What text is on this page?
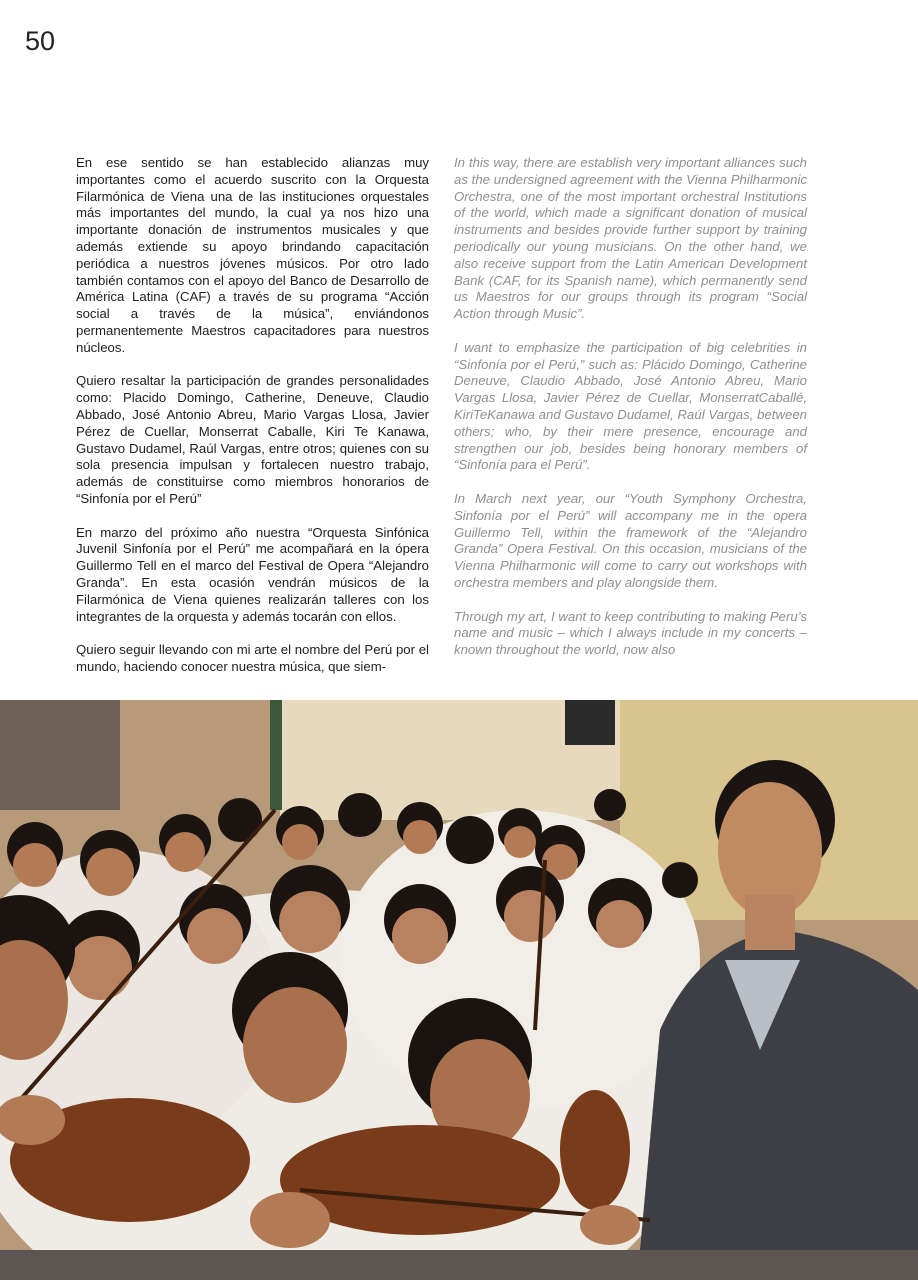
50

En ese sentido se han establecido alianzas muy importantes como el acuerdo suscrito con la Orquesta Filarmónica de Viena una de las instituciones orquestales más importantes del mundo, la cual ya nos hizo una importante donación de instrumentos musicales y que además extiende su apoyo brindando capacitación periódica a nuestros jóvenes músicos. Por otro lado también contamos con el apoyo del Banco de Desarrollo de América Latina (CAF) a través de su programa “Acción social a través de la música”, enviándonos permanentemente Maestros capacitadores para nuestros núcleos.

Quiero resaltar la participación de grandes personalidades como: Placido Domingo, Catherine, Deneuve, Claudio Abbado, José Antonio Abreu, Mario Vargas Llosa, Javier Pérez de Cuellar, Monserrat Caballe, Kiri Te Kanawa, Gustavo Dudamel, Raúl Vargas, entre otros; quienes con su sola presencia impulsan y fortalecen nuestro trabajo, además de constituirse como miembros honorarios de “Sinfonía por el Perú”

En marzo del próximo año nuestra “Orquesta Sinfónica Juvenil Sinfonía por el Perú” me acompañará en la ópera Guillermo Tell en el marco del Festival de Opera “Alejandro Granda”. En esta ocasión vendrán músicos de la Filarmónica de Viena quienes realizarán talleres con los integrantes de la orquesta y además tocarán con ellos.

Quiero seguir llevando con mi arte el nombre del Perú por el mundo, haciendo conocer nuestra música, que siem-

In this way, there are establish very important alliances such as the undersigned agreement with the Vienna Philharmonic Orchestra, one of the most important orchestral Institutions of the world, which made a significant donation of musical instruments and besides provide further support by training periodically our young musicians. On the other hand, we also receive support from the Latin American Development Bank (CAF, for its Spanish name), which permanently send us Maestros for our groups through its program “Social Action through Music”.

I want to emphasize the participation of big celebrities in “Sinfonía por el Perú,” such as: Plácido Domingo, Catherine Deneuve, Claudio Abbado, José Antonio Abreu, Mario Vargas Llosa, Javier Pérez de Cuellar, MonserratCaballé, KiriTeKanawa and Gustavo Dudamel, Raúl Vargas, between others; who, by their mere presence, encourage and strengthen our job, besides being honorary members of “Sinfonía para el Perú”.

In March next year, our “Youth Symphony Orchestra, Sinfonía por el Perú” will accompany me in the opera Guillermo Tell, within the framework of the “Alejandro Granda” Opera Festival. On this occasion, musicians of the Vienna Philharmonic will come to carry out workshops with orchestra members and play alongside them.

Through my art, I want to keep contributing to making Peru’s name and music – which I always include in my concerts – known throughout the world, now also
